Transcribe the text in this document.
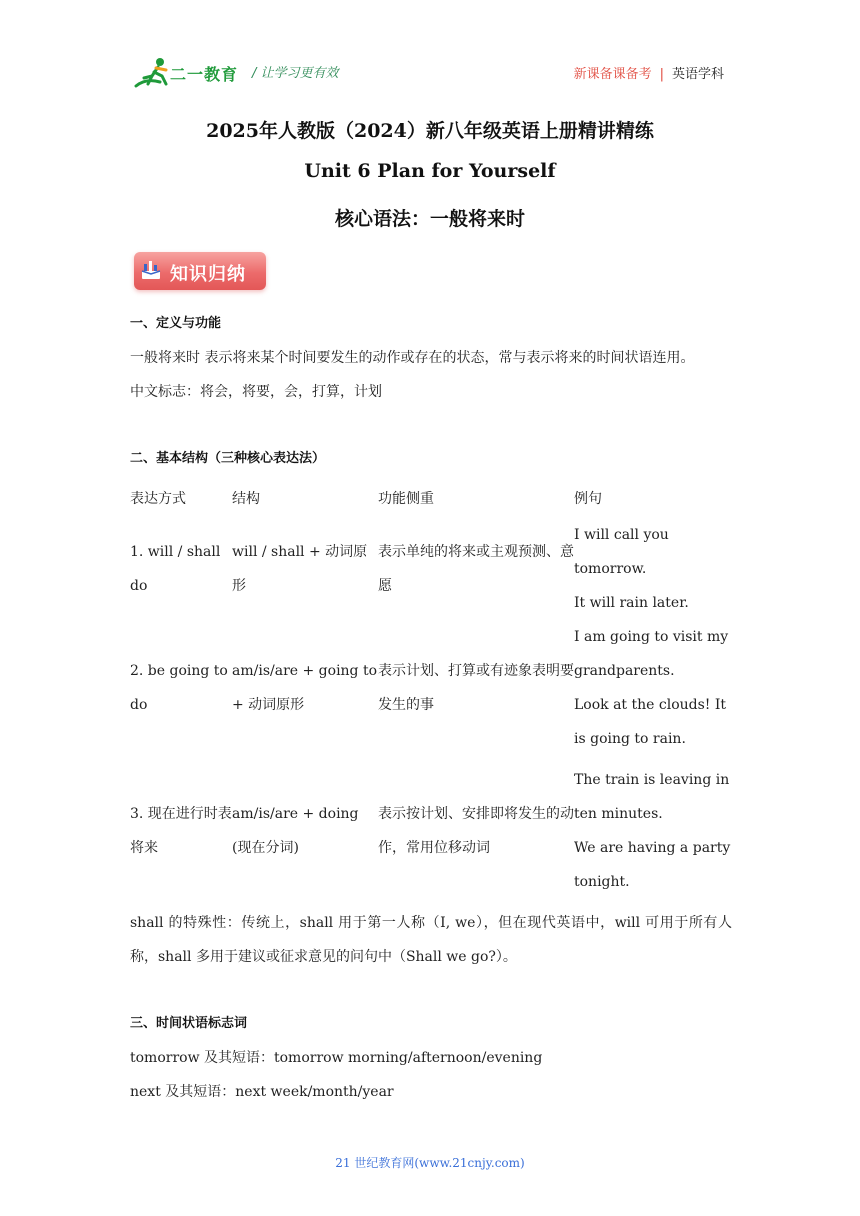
二一教育 / 让学习更有效	新课备课备考 | 英语学科
2025年人教版（2024）新八年级英语上册精讲精练
Unit 6 Plan for Yourself
核心语法：一般将来时
知识归纳
一、定义与功能
一般将来时 表示将来某个时间要发生的动作或存在的状态，常与表示将来的时间状语连用。
中文标志：将会，将要，会，打算，计划
二、基本结构（三种核心表达法）
表达方式	结构	功能侧重	例句
1. will / shall do	will / shall + 动词原形	表示单纯的将来或主观预测、意愿	I will call you tomorrow.
It will rain later.

2. be going to do	am/is/are + going to + 动词原形	表示计划、打算或有迹象表明要发生的事	I am going to visit my grandparents.
Look at the clouds! It is going to rain.

3. 现在进行时表将来	am/is/are + doing (现在分词)	表示按计划、安排即将发生的动作，常用位移动词	The train is leaving in ten minutes.
We are having a party tonight.
shall 的特殊性：传统上，shall 用于第一人称（I, we），但在现代英语中，will 可用于所有人称，shall 多用于建议或征求意见的问句中（Shall we go?）。
三、时间状语标志词
tomorrow 及其短语：tomorrow morning/afternoon/evening
next 及其短语：next week/month/year
21 世纪教育网(www.21cnjy.com)
